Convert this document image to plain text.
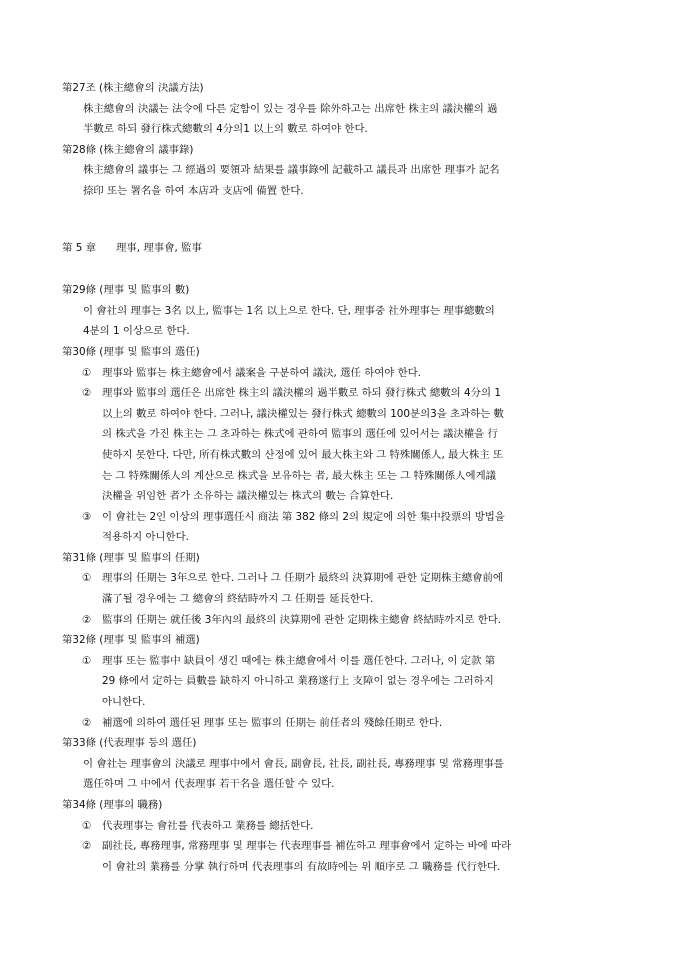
第27조 (株主總會의 決議方法)
株主總會의 決議는 法令에 다른 定함이 있는 경우를 除外하고는 出席한 株主의 議決權의 過
半數로 하되 發行株式總數의 4分의1 以上의 數로 하여야 한다.
第28條 (株主總會의 議事錄)
株主總會의 議事는 그 經過의 要領과 結果를 議事錄에 記載하고 議長과 出席한 理事가 記名
捺印 또는 署名을 하여 本店과 支店에 備置 한다.
第 5 章 理事, 理事會, 監事
第29條 (理事 및 監事의 數)
이 會社의 理事는 3名 以上, 監事는 1名 以上으로 한다. 단, 理事중 社外理事는 理事總數의
4분의 1 이상으로 한다.
第30條 (理事 및 監事의 選任)
①	理事와 監事는 株主總會에서 議案을 구분하여 議決, 選任 하여야 한다.
②	理事와 監事의 選任은 出席한 株主의 議決權의 過半數로 하되 發行株式 總數의 4分의 1
以上의 數로 하여야 한다. 그러나, 議決權있는 發行株式 總數의 100분의3을 초과하는 數
의 株式을 가진 株主는 그 초과하는 株式에 관하여 監事의 選任에 있어서는 議決權을 行
使하지 못한다. 다만, 所有株式數의 산정에 있어 最大株主와 그 特殊關係人, 最大株主 또
는 그 特殊關係人의 계산으로 株式을 보유하는 者, 最大株主 또는 그 特殊關係人에게議
決權을 위임한 者가 소유하는 議決權있는 株式의 數는 合算한다.
③	이 會社는 2인 이상의 理事選任시 商法 第 382 條의 2의 規定에 의한 集中投票의 방법을
적용하지 아니한다.
第31條 (理事 및 監事의 任期)
①	理事의 任期는 3年으로 한다. 그러나 그 任期가 最終의 決算期에 관한 定期株主總會前에
滿了될 경우에는 그 總會의 終結時까지 그 任期를 延長한다.
②	監事의 任期는 就任後 3年內의 最終의 決算期에 관한 定期株主總會 終結時까지로 한다.
第32條 (理事 및 監事의 補選)
①	理事 또는 監事中 缺員이 생긴 때에는 株主總會에서 이를 選任한다. 그러나, 이 定款 第
29 條에서 定하는 員數를 缺하지 아니하고 業務遂行上 支障이 없는 경우에는 그러하지
아니한다.
②	補選에 의하여 選任된 理事 또는 監事의 任期는 前任者의 殘餘任期로 한다.
第33條 (代表理事 등의 選任)
이 會社는 理事會의 決議로 理事中에서 會長, 副會長, 社長, 副社長, 專務理事 및 常務理事를
選任하며 그 中에서 代表理事 若干名을 選任할 수 있다.
第34條 (理事의 職務)
①	代表理事는 會社를 代表하고 業務를 總括한다.
②	副社長, 專務理事, 常務理事 및 理事는 代表理事를 補佐하고 理事會에서 定하는 바에 따라
이 會社의 業務를 分掌 執行하며 代表理事의 有故時에는 위 順序로 그 職務를 代行한다.
